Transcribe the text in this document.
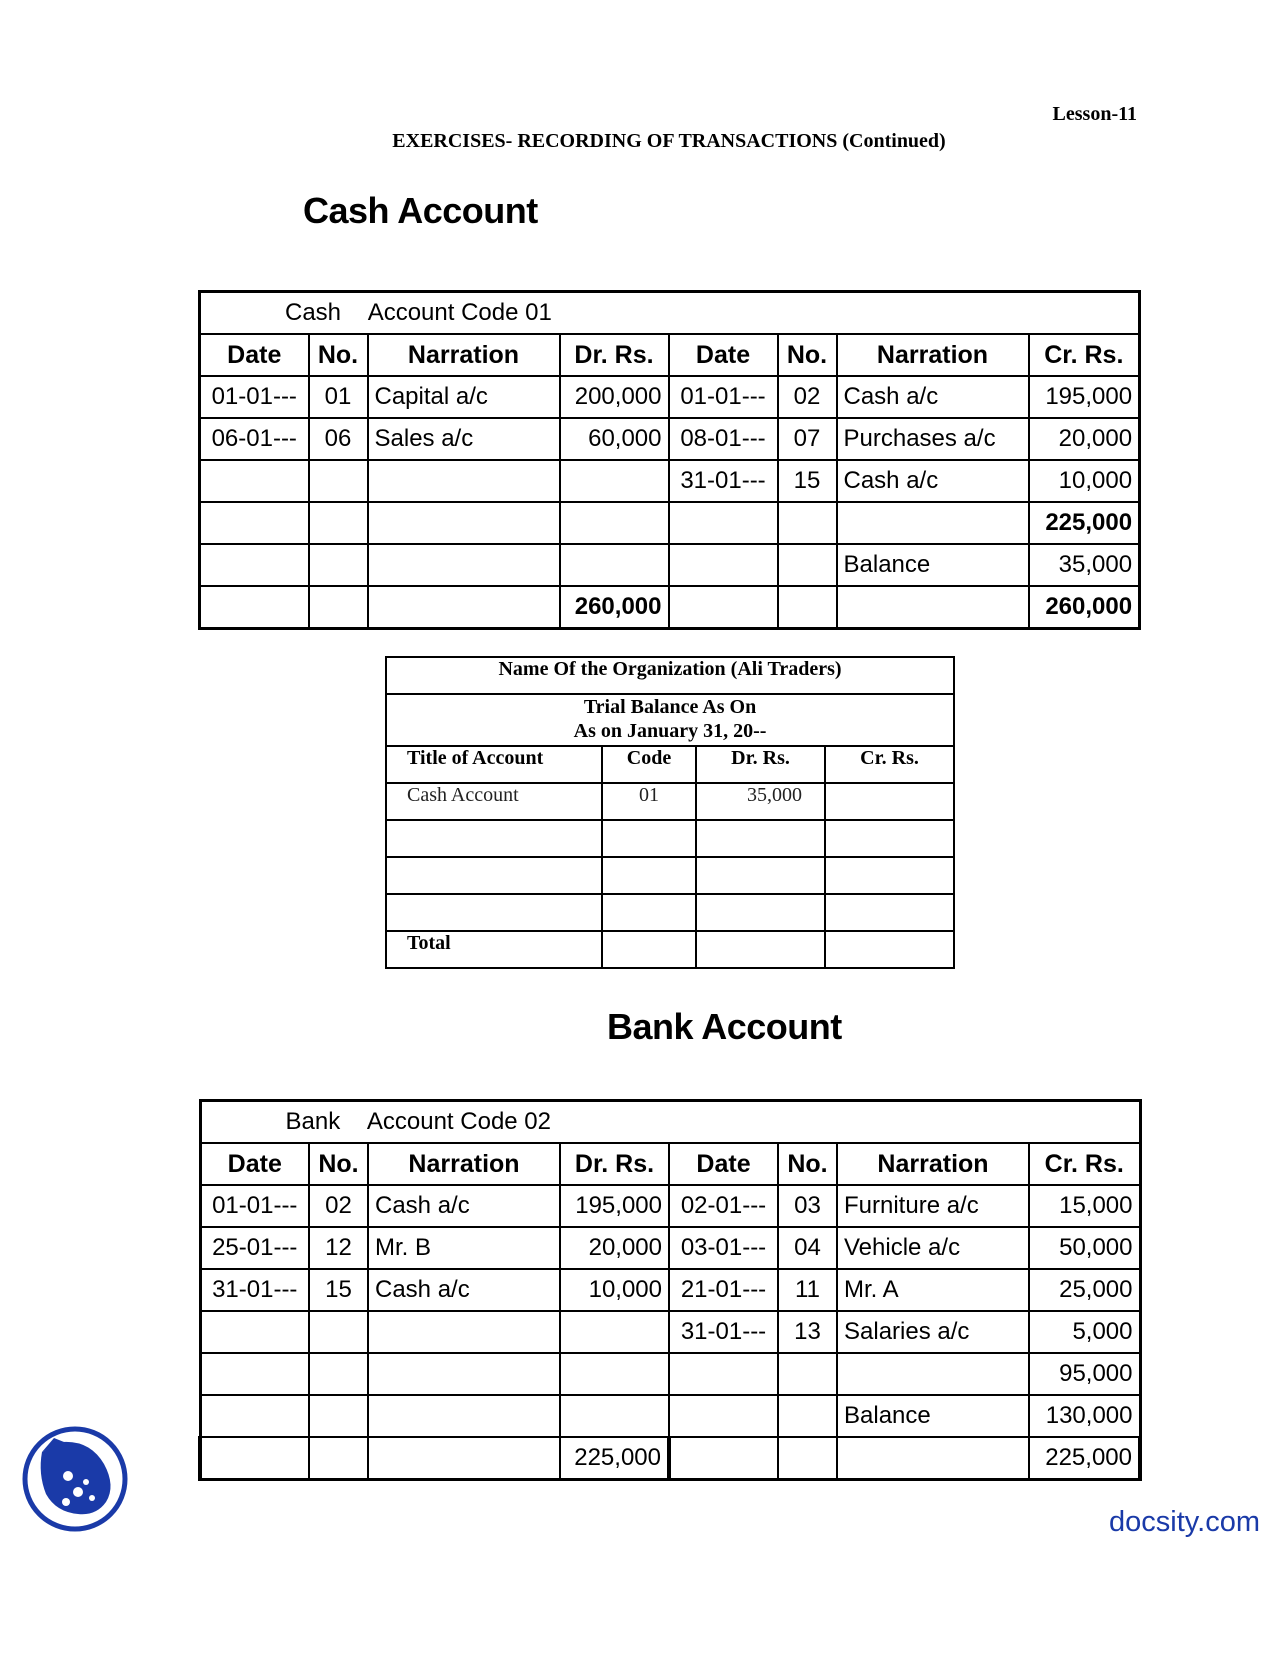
Lesson-11
EXERCISES- RECORDING OF TRANSACTIONS (Continued)
Cash Account
Cash Account Code 01							
Date	No.	Narration	Dr. Rs.	Date	No.	Narration	Cr. Rs.
01-01---	01	Capital a/c	200,000	01-01---	02	Cash a/c	195,000
06-01---	06	Sales a/c	60,000	08-01---	07	Purchases a/c	20,000
				31-01---	15	Cash a/c	10,000
							225,000
						Balance	35,000
			260,000				260,000
Name Of the Organization (Ali Traders)			

Trial Balance As On
As on January 31, 20--			

Title of Account	Code	Dr. Rs.	Cr. Rs.
Cash Account	01	35,000	

Total			
Bank Account
Bank Account Code 02							
Date	No.	Narration	Dr. Rs.	Date	No.	Narration	Cr. Rs.
01-01---	02	Cash a/c	195,000	02-01---	03	Furniture a/c	15,000
25-01---	12	Mr. B	20,000	03-01---	04	Vehicle a/c	50,000
31-01---	15	Cash a/c	10,000	21-01---	11	Mr. A	25,000
				31-01---	13	Salaries a/c	5,000
							95,000
						Balance	130,000
			225,000				225,000
docsity.com
